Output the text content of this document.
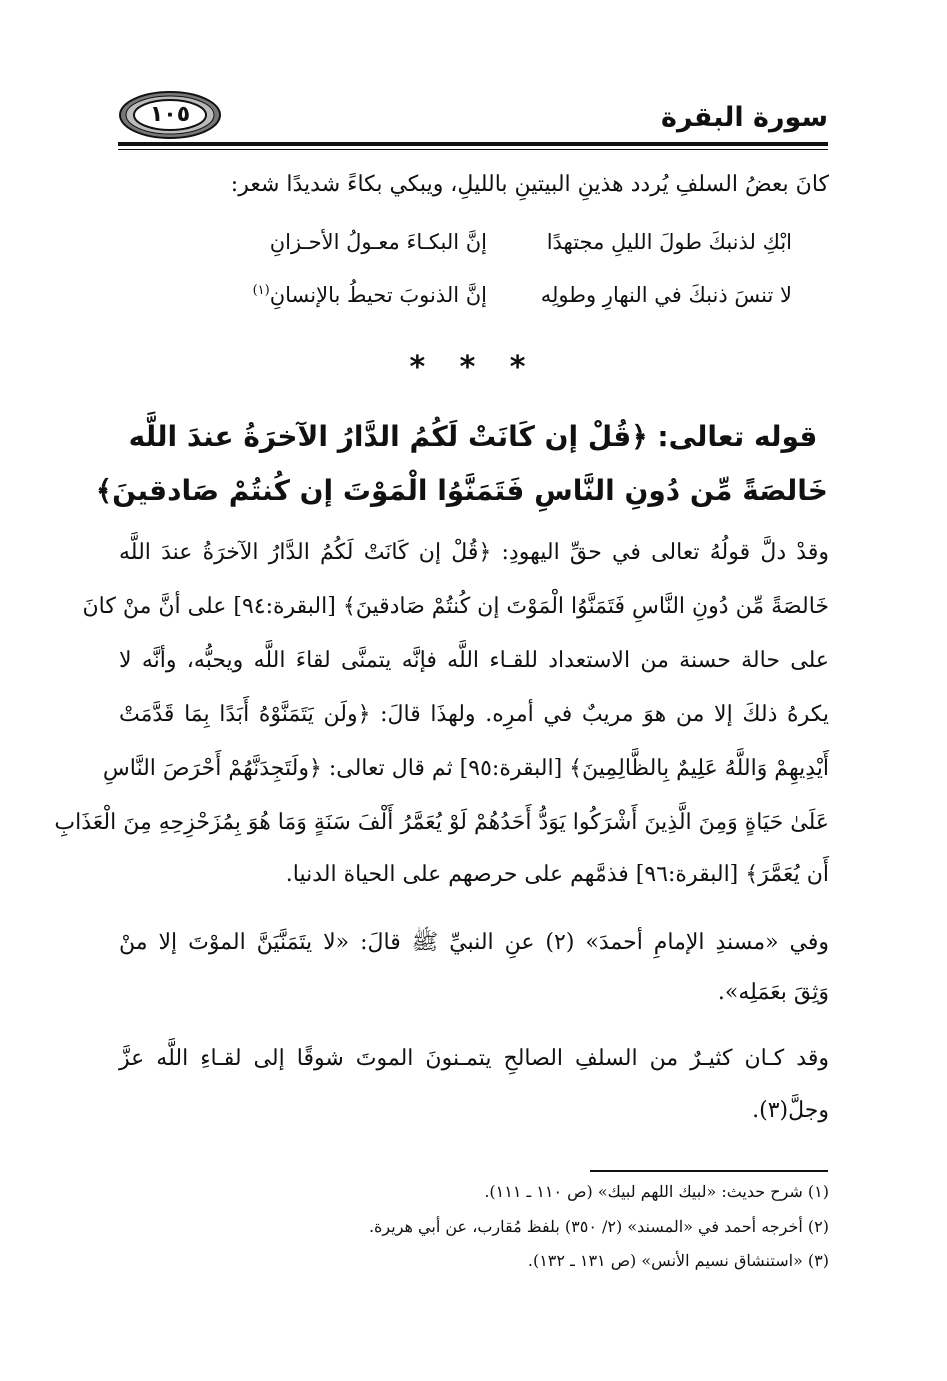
١٠٥	سورة البقرة
كانَ بعضُ السلفِ يُردد هذينِ البيتينِ بالليلِ، ويبكي بكاءً شديدًا شعر:
ابْكِ لذنبكَ طولَ الليلِ مجتهدًا
إنَّ البكـاءَ معـولُ الأحـزانِ
لا تنسَ ذنبكَ في النهارِ وطولِه
إنَّ الذنوبَ تحيطُ بالإنسانِ$^{(١)}$
* * *
قوله تعالى: ﴿قُلْ إن كَانَتْ لَكُمُ الدَّارُ الآخرَةُ عندَ اللَّه
خَالصَةً مِّن دُونِ النَّاسِ فَتَمَنَّوُا الْمَوْتَ إن كُنتُمْ صَادقينَ﴾
وقدْ دلَّ قولُهُ تعالى في حقِّ اليهودِ: ﴿قُلْ إن كَانَتْ لَكُمُ الدَّارُ الآخرَةُ عندَ اللَّه
خَالصَةً مِّن دُونِ النَّاسِ فَتَمَنَّوُا الْمَوْتَ إن كُنتُمْ صَادقينَ﴾ [البقرة:٩٤] على أنَّ منْ كانَ
على حالة حسنة من الاستعداد للقـاء اللَّه فإنَّه يتمنَّى لقاءَ اللَّه ويحبُّه، وأنَّه لا
يكرهُ ذلكَ إلا من هوَ مريبٌ في أمرِه. ولهذَا قالَ: ﴿ولَن يَتَمَنَّوْهُ أَبَدًا بِمَا قَدَّمَتْ
أَيْدِيهِمْ وَاللَّهُ عَلِيمٌ بِالظَّالِمِينَ﴾ [البقرة:٩٥] ثم قال تعالى: ﴿ولَتَجِدَنَّهُمْ أَحْرَصَ النَّاسِ
عَلَىٰ حَيَاةٍ وَمِنَ الَّذِينَ أَشْرَكُوا يَوَدُّ أَحَدُهُمْ لَوْ يُعَمَّرُ أَلْفَ سَنَةٍ وَمَا هُوَ بِمُزَحْزِحِهِ مِنَ الْعَذَابِ
أَن يُعَمَّرَ﴾ [البقرة:٩٦] فذمَّهم على حرصهم على الحياة الدنيا.
وفي «مسندِ الإمامِ أحمدَ» (٢) عنِ النبيِّ ﷺ قالَ: «لا يتَمَنَّيَنَّ الموْتَ إلا منْ
وَثِقَ بعَمَلِه».
وقد كـان كثيـرٌ من السلفِ الصالحِ يتمـنونَ الموتَ شوقًا إلى لقـاءِ اللَّه عزَّ
وجلَّ(٣).
(١) شرح حديث: «لبيك اللهم لبيك» (ص ١١٠ ـ ١١١).
(٢) أخرجه أحمد في «المسند» (٢/ ٣٥٠) بلفظ مُقارب، عن أبي هريرة.
(٣) «استنشاق نسيم الأنس» (ص ١٣١ ـ ١٣٢).
